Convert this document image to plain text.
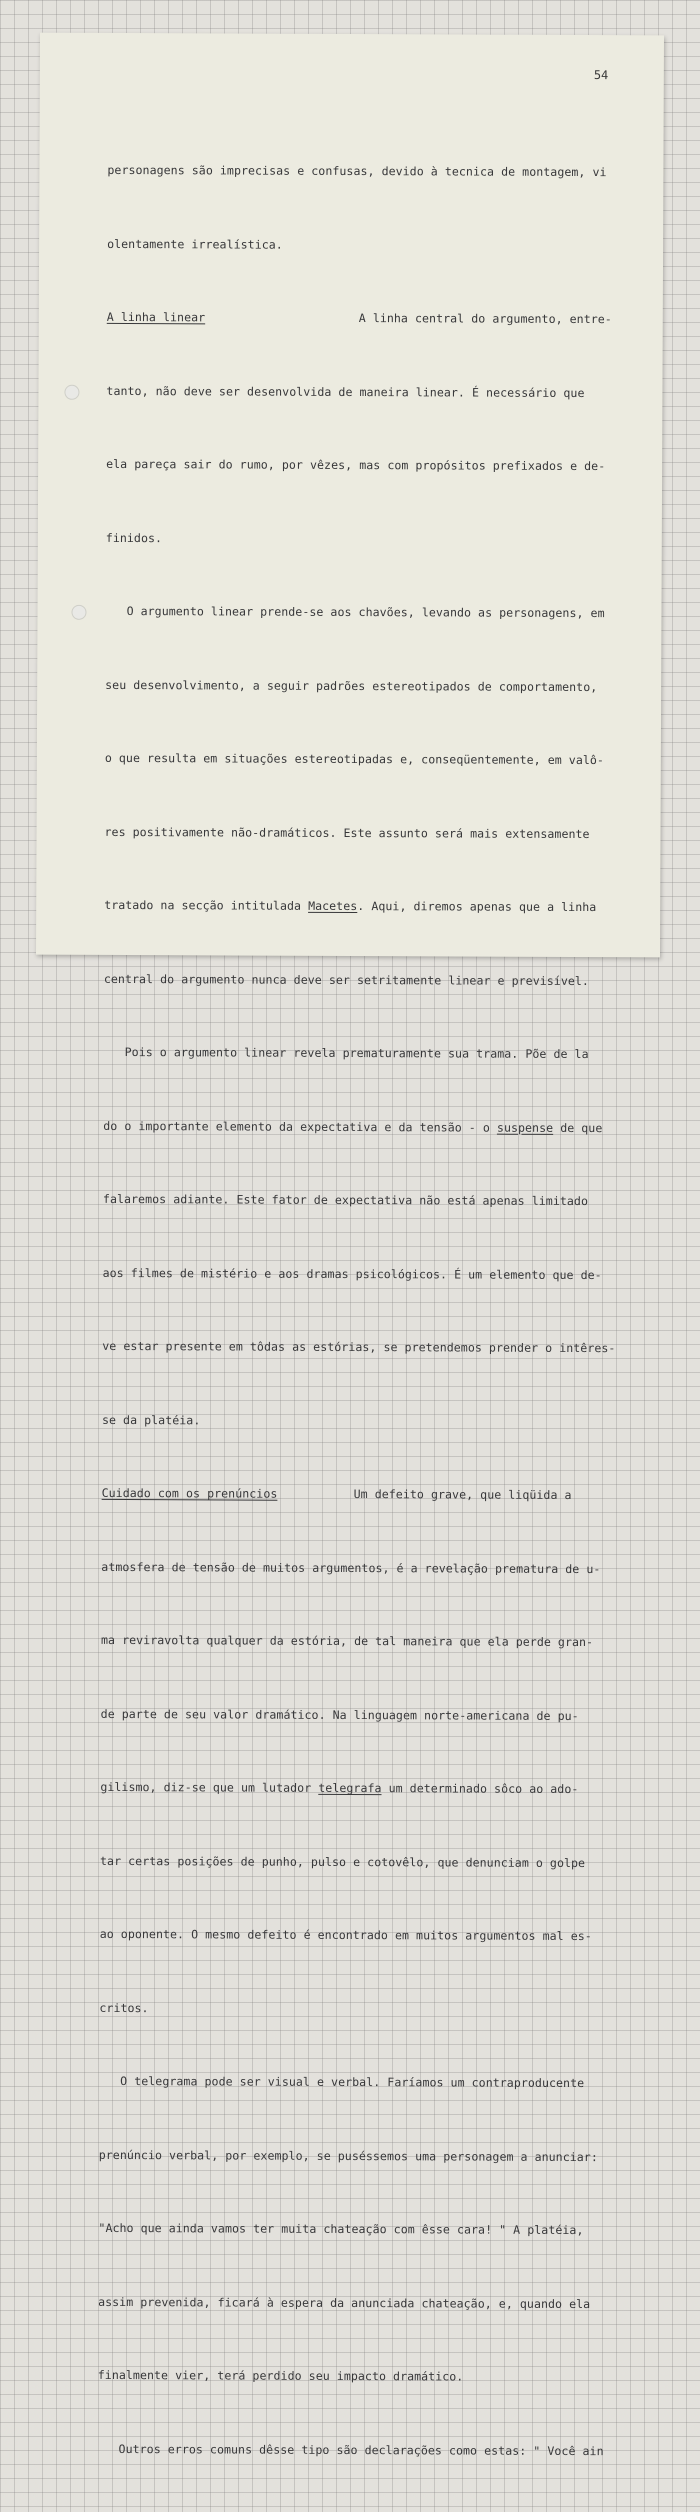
54

personagens são imprecisas e confusas, devido à tecnica de montagem, vi

olentamente irrealística.

A linha linear	A linha central do argumento, entre-

tanto, não deve ser desenvolvida de maneira linear. É necessário que

ela pareça sair do rumo, por vêzes, mas com propósitos prefixados e de-

finidos.

O argumento linear prende-se aos chavões, levando as personagens, em

seu desenvolvimento, a seguir padrões estereotipados de comportamento,

o que resulta em situações estereotipadas e, conseqüentemente, em valô-

res positivamente não-dramáticos. Este assunto será mais extensamente

tratado na secção intitulada Macetes. Aqui, diremos apenas que a linha

central do argumento nunca deve ser setritamente linear e previsível.

Pois o argumento linear revela prematuramente sua trama. Põe de la

do o importante elemento da expectativa e da tensão - o suspense de que

falaremos adiante. Este fator de expectativa não está apenas limitado

aos filmes de mistério e aos dramas psicológicos. É um elemento que de-

ve estar presente em tôdas as estórias, se pretendemos prender o intêres-

se da platéia.

Cuidado com os prenúncios	Um defeito grave, que liqüida a

atmosfera de tensão de muitos argumentos, é a revelação prematura de u-

ma reviravolta qualquer da estória, de tal maneira que ela perde gran-

de parte de seu valor dramático. Na linguagem norte-americana de pu-

gilismo, diz-se que um lutador telegrafa um determinado sôco ao ado-

tar certas posições de punho, pulso e cotovêlo, que denunciam o golpe

ao oponente. O mesmo defeito é encontrado em muitos argumentos mal es-

critos.

O telegrama pode ser visual e verbal. Faríamos um contraproducente

prenúncio verbal, por exemplo, se puséssemos uma personagem a anunciar:

"Acho que ainda vamos ter muita chateação com êsse cara! " A platéia,

assim prevenida, ficará à espera da anunciada chateação, e, quando ela

finalmente vier, terá perdido seu impacto dramático.

Outros erros comuns dêsse tipo são declarações como estas: " Você ain
